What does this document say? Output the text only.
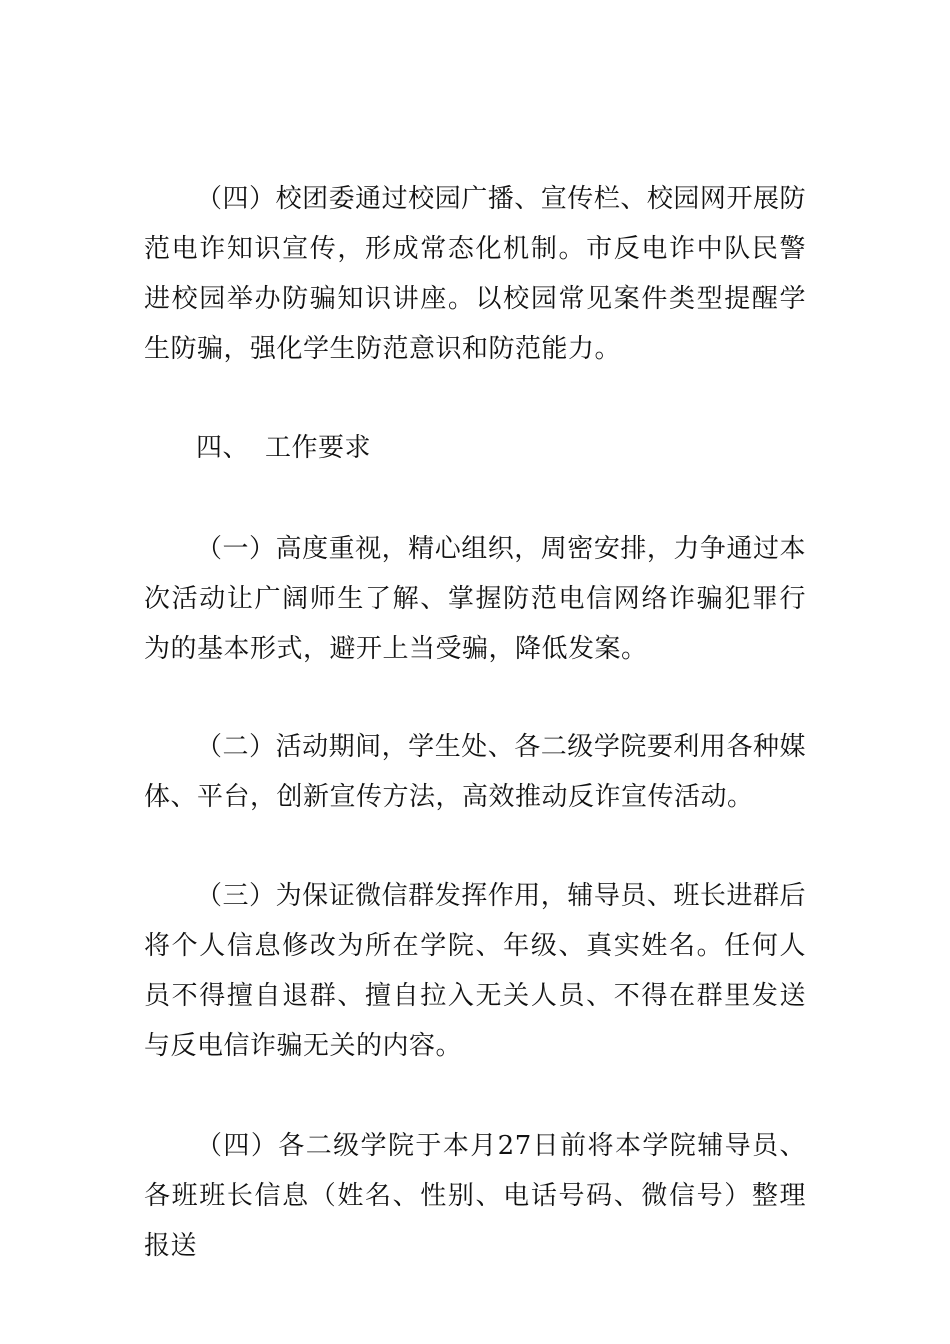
（四）校团委通过校园广播、宣传栏、校园网开展防范电诈知识宣传，形成常态化机制。市反电诈中队民警进校园举办防骗知识讲座。以校园常见案件类型提醒学生防骗，强化学生防范意识和防范能力。

四、 工作要求

（一）高度重视，精心组织，周密安排，力争通过本次活动让广阔师生了解、掌握防范电信网络诈骗犯罪行为的基本形式，避开上当受骗，降低发案。

（二）活动期间，学生处、各二级学院要利用各种媒体、平台，创新宣传方法，高效推动反诈宣传活动。

（三）为保证微信群发挥作用，辅导员、班长进群后将个人信息修改为所在学院、年级、真实姓名。任何人员不得擅自退群、擅自拉入无关人员、不得在群里发送与反电信诈骗无关的内容。

（四）各二级学院于本月27日前将本学院辅导员、各班班长信息（姓名、性别、电话号码、微信号）整理报送
